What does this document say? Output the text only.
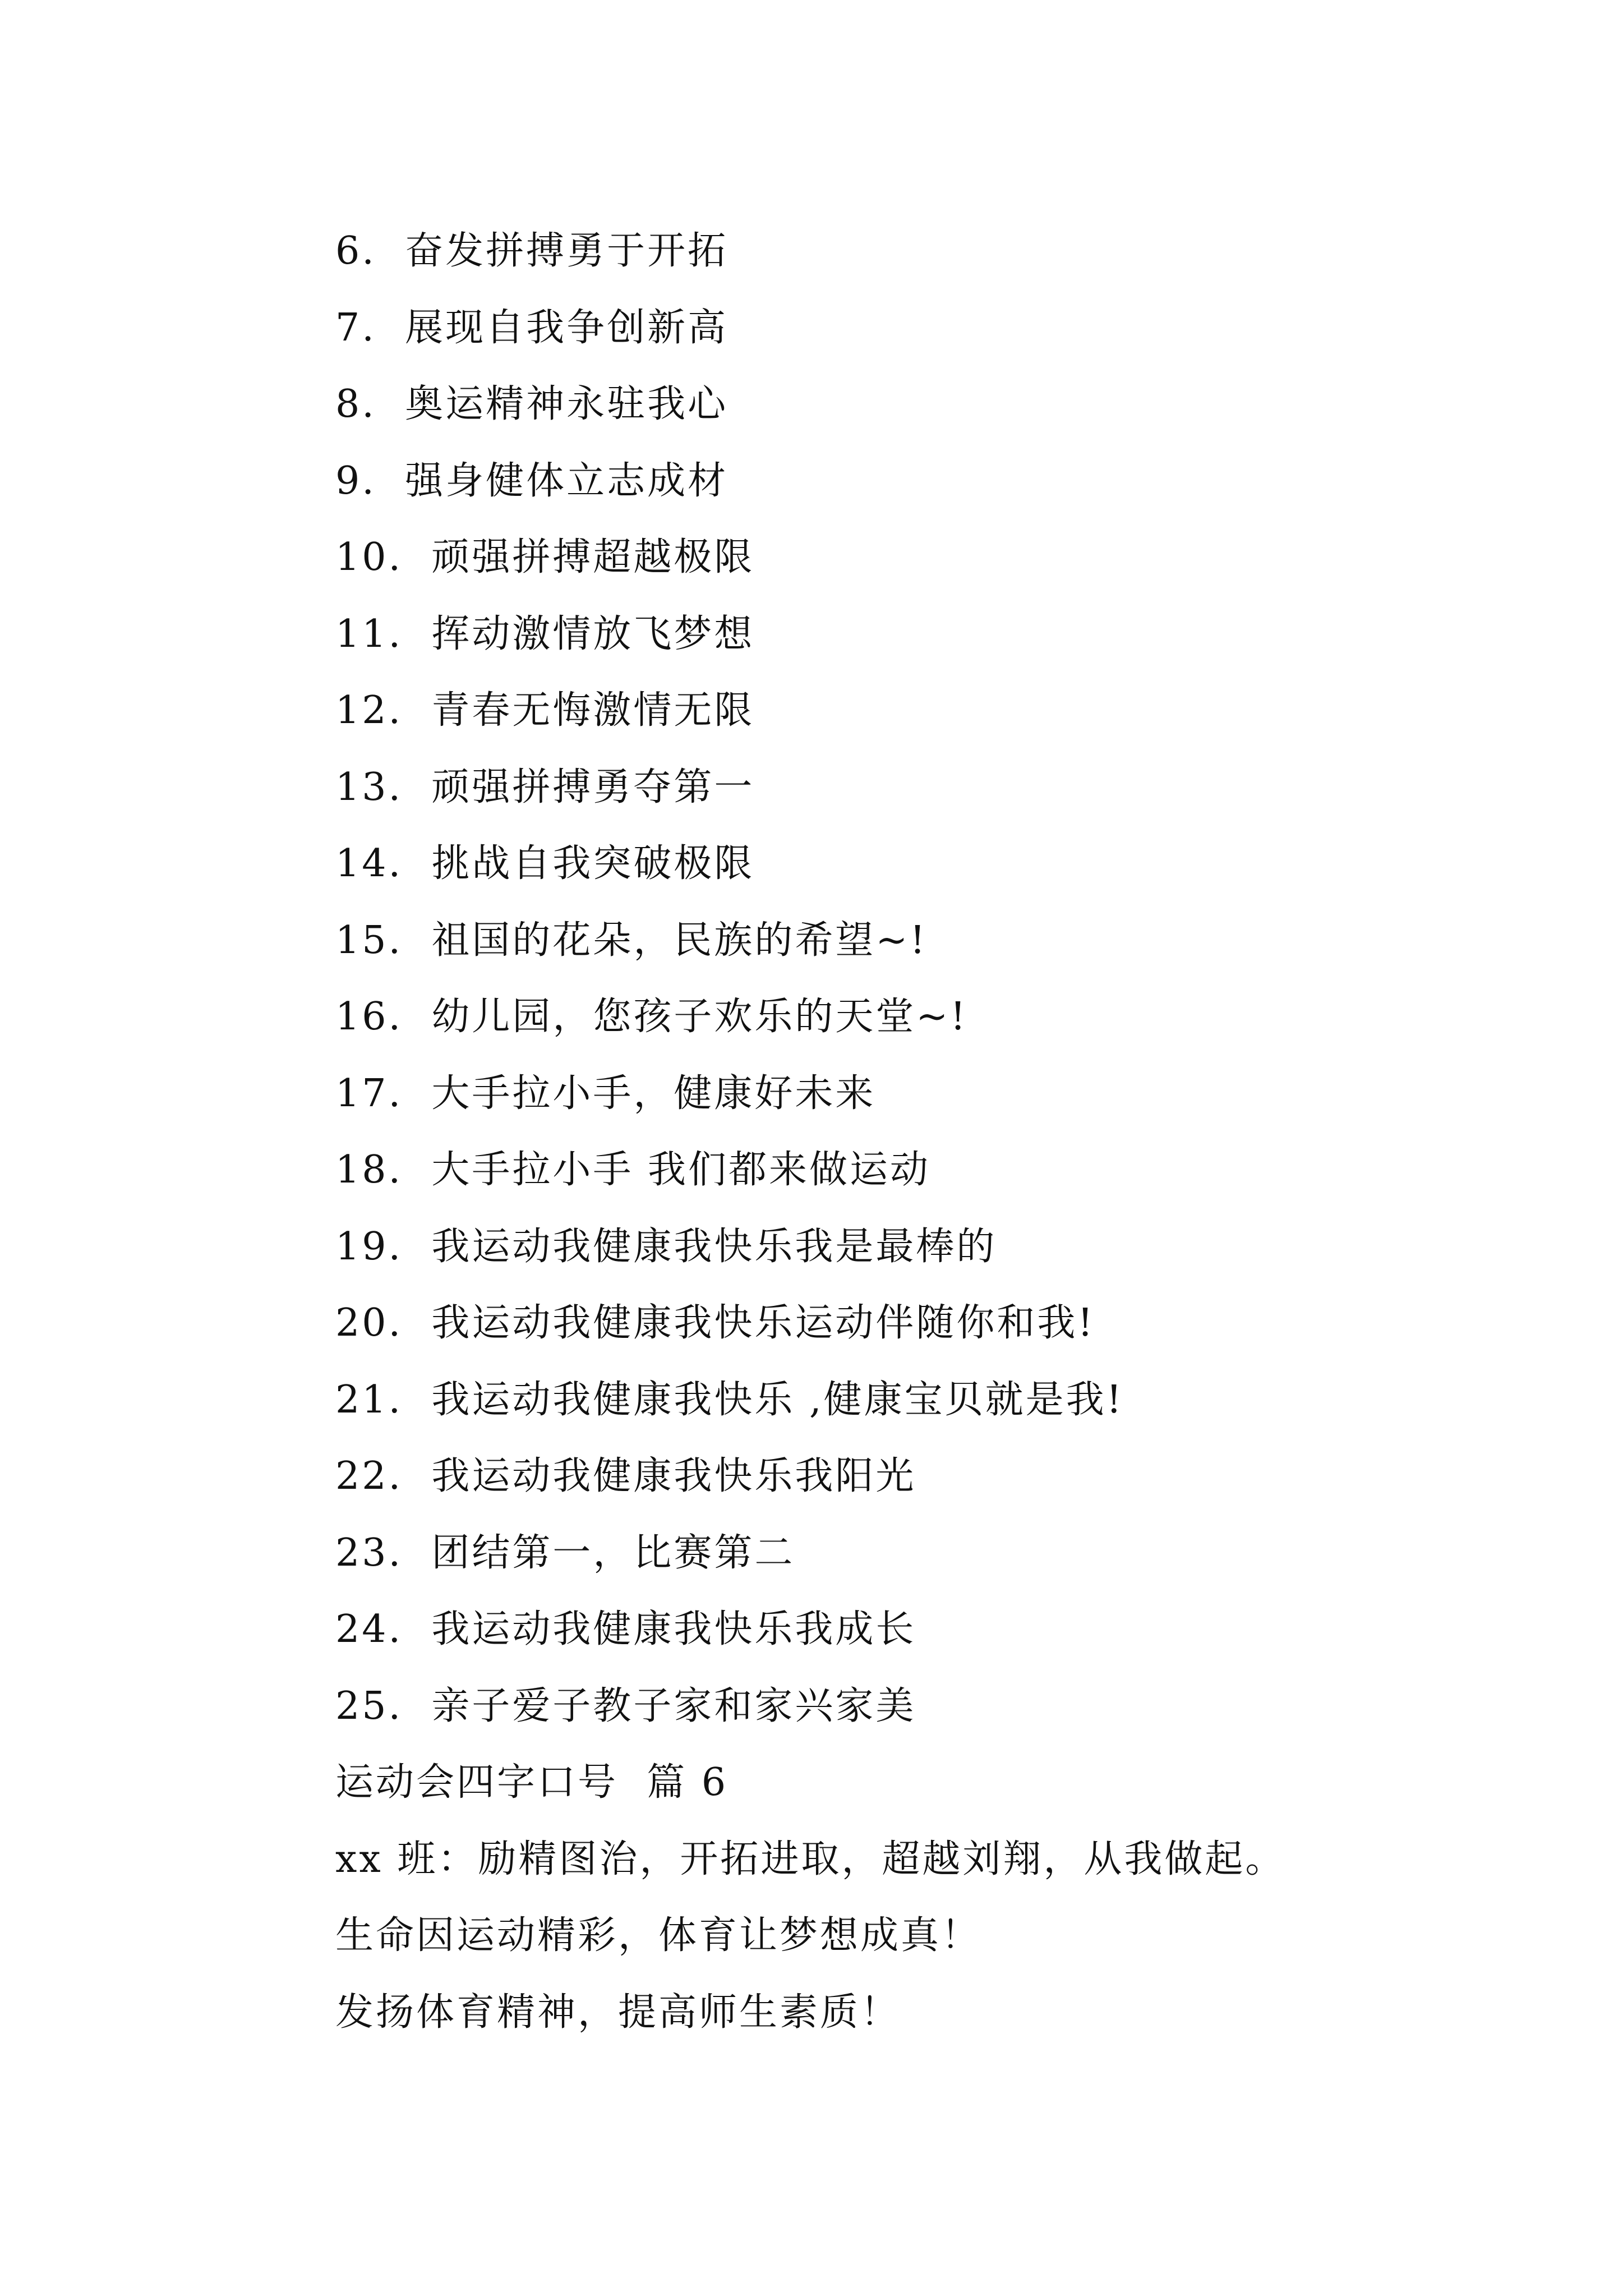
6. 奋发拼搏勇于开拓
7. 展现自我争创新高
8. 奥运精神永驻我心
9. 强身健体立志成材
10. 顽强拼搏超越极限
11. 挥动激情放飞梦想
12. 青春无悔激情无限
13. 顽强拼搏勇夺第一
14. 挑战自我突破极限
15. 祖国的花朵，民族的希望~!
16. 幼儿园，您孩子欢乐的天堂~!
17. 大手拉小手，健康好未来
18. 大手拉小手 我们都来做运动
19. 我运动我健康我快乐我是最棒的
20. 我运动我健康我快乐运动伴随你和我!
21. 我运动我健康我快乐 ,健康宝贝就是我!
22. 我运动我健康我快乐我阳光
23. 团结第一，比赛第二
24. 我运动我健康我快乐我成长
25. 亲子爱子教子家和家兴家美
运动会四字口号  篇 6
xx 班：励精图治，开拓进取，超越刘翔，从我做起。
生命因运动精彩，体育让梦想成真！
发扬体育精神，提高师生素质！
